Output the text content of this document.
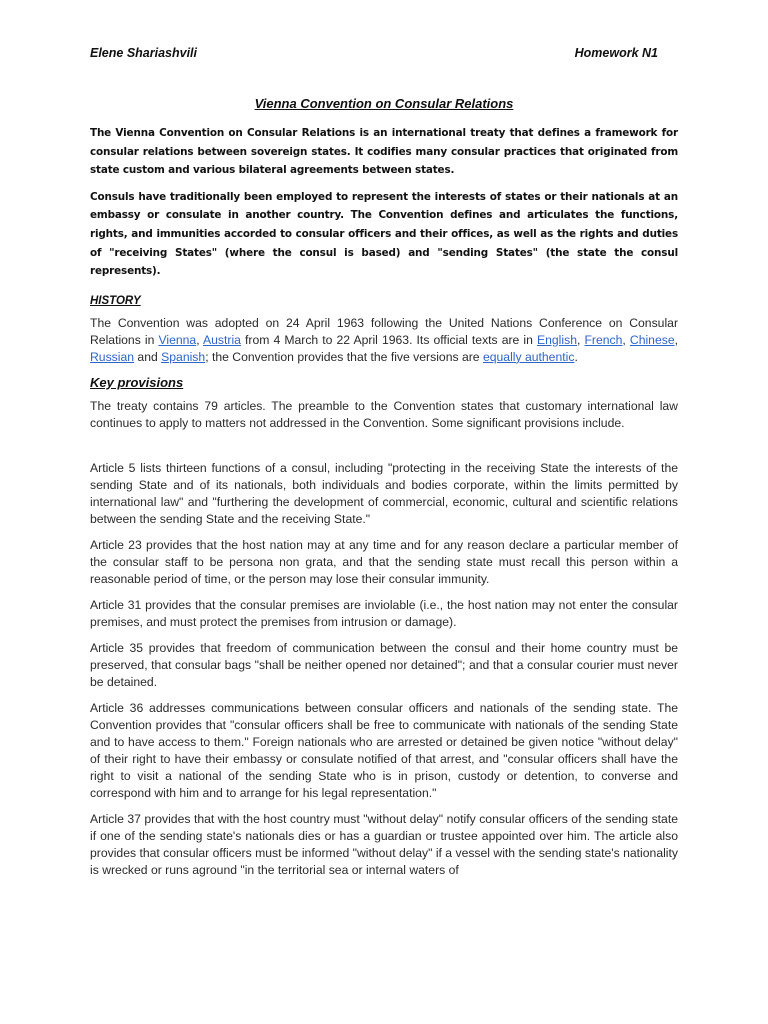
Elene Shariashvili	Homework N1
Vienna Convention on Consular Relations

The Vienna Convention on Consular Relations is an international treaty that defines a framework for consular relations between sovereign states. It codifies many consular practices that originated from state custom and various bilateral agreements between states.

Consuls have traditionally been employed to represent the interests of states or their nationals at an embassy or consulate in another country. The Convention defines and articulates the functions, rights, and immunities accorded to consular officers and their offices, as well as the rights and duties of "receiving States" (where the consul is based) and "sending States" (the state the consul represents).

HISTORY

The Convention was adopted on 24 April 1963 following the United Nations Conference on Consular Relations in Vienna, Austria from 4 March to 22 April 1963. Its official texts are in English, French, Chinese, Russian and Spanish; the Convention provides that the five versions are equally authentic.

Key provisions

The treaty contains 79 articles. The preamble to the Convention states that customary international law continues to apply to matters not addressed in the Convention. Some significant provisions include.

Article 5 lists thirteen functions of a consul, including "protecting in the receiving State the interests of the sending State and of its nationals, both individuals and bodies corporate, within the limits permitted by international law" and "furthering the development of commercial, economic, cultural and scientific relations between the sending State and the receiving State."

Article 23 provides that the host nation may at any time and for any reason declare a particular member of the consular staff to be persona non grata, and that the sending state must recall this person within a reasonable period of time, or the person may lose their consular immunity.

Article 31 provides that the consular premises are inviolable (i.e., the host nation may not enter the consular premises, and must protect the premises from intrusion or damage).

Article 35 provides that freedom of communication between the consul and their home country must be preserved, that consular bags "shall be neither opened nor detained"; and that a consular courier must never be detained.

Article 36 addresses communications between consular officers and nationals of the sending state. The Convention provides that "consular officers shall be free to communicate with nationals of the sending State and to have access to them." Foreign nationals who are arrested or detained be given notice "without delay" of their right to have their embassy or consulate notified of that arrest, and "consular officers shall have the right to visit a national of the sending State who is in prison, custody or detention, to converse and correspond with him and to arrange for his legal representation."

Article 37 provides that with the host country must "without delay" notify consular officers of the sending state if one of the sending state's nationals dies or has a guardian or trustee appointed over him. The article also provides that consular officers must be informed "without delay" if a vessel with the sending state's nationality is wrecked or runs aground "in the territorial sea or internal waters of
